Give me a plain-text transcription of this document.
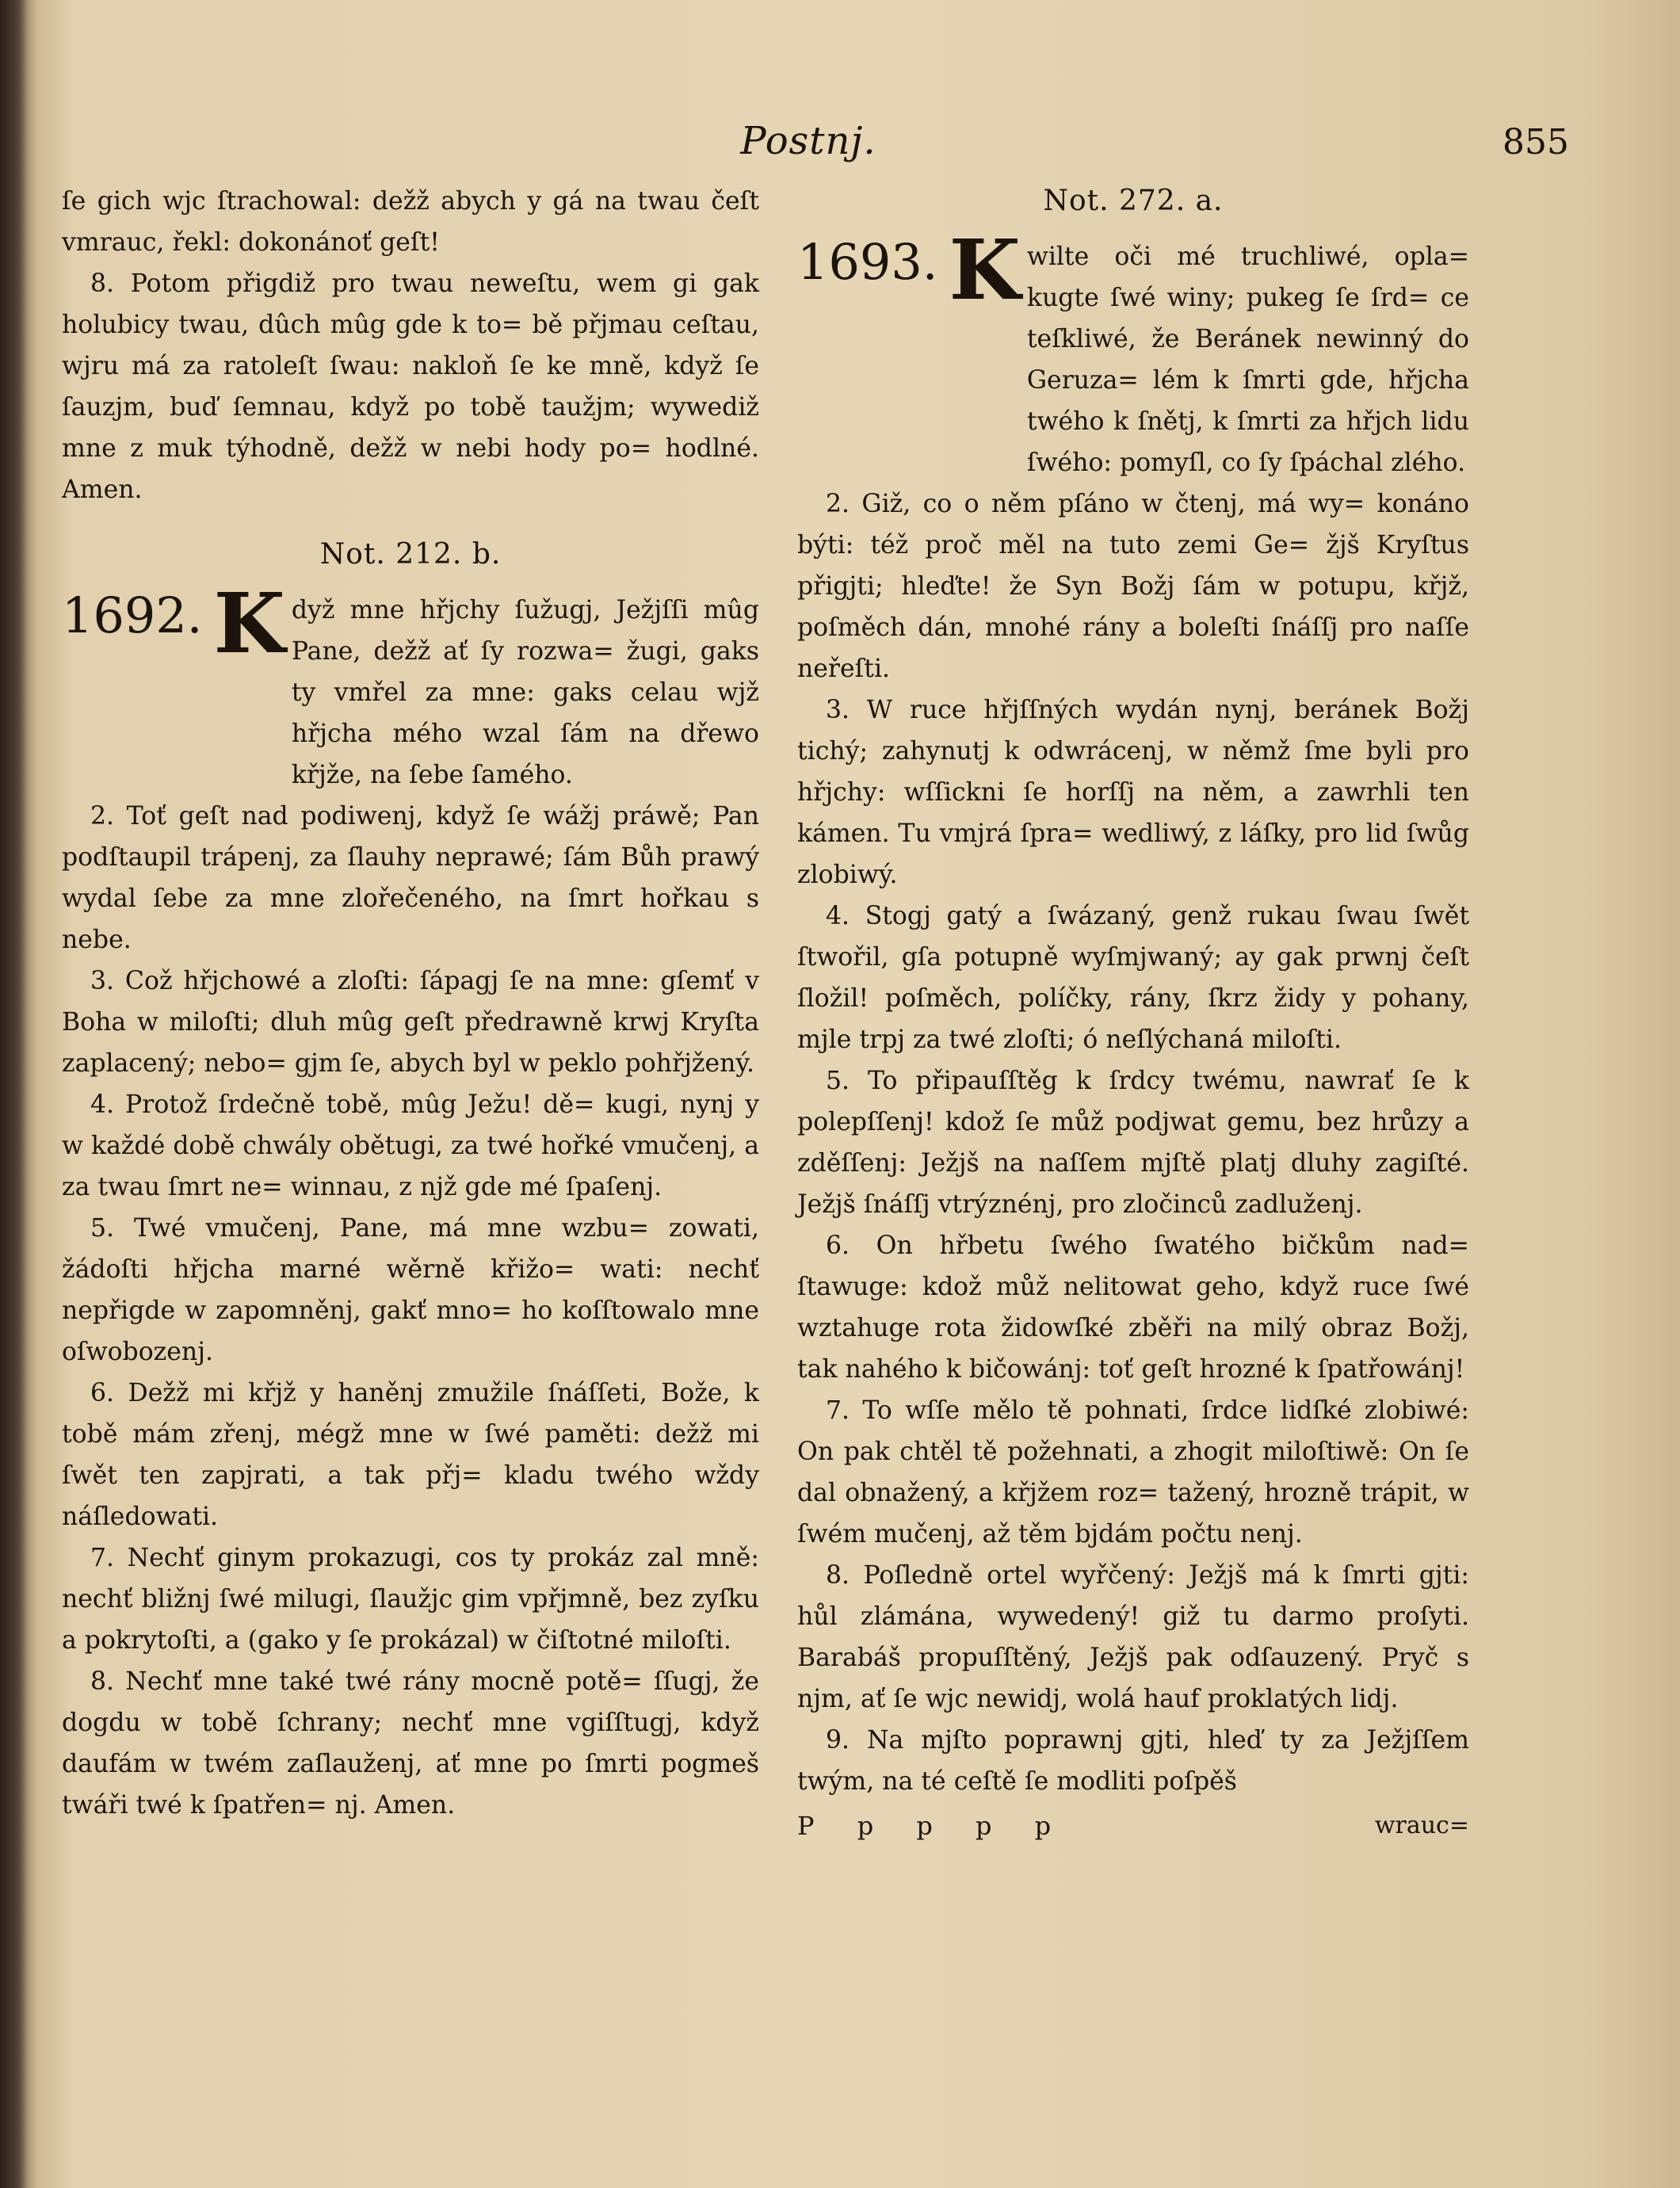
Postnj.	855

ſe gich wjc ſtrachowal: dežž abych y gá na twau čeſt vmrauc, řekl: dokonánoť geſt!

8. Potom přigdiž pro twau neweſtu, wem gi gak holubicy twau, dûch mûg gde k to= bě přjmau ceſtau, wjru má za ratoleſt ſwau: nakloň ſe ke mně, když ſe ſauzjm, buď ſemnau, když po tobě taužjm; wywediž mne z muk týhodně, dežž w nebi hody po= hodlné. Amen.

Not. 212. b.
1692. K dyž mne hřjchy ſužugj, Ježjſſi mûg Pane, dežž ať ſy rozwa= žugi, gaks ty vmřel za mne: gaks celau wjž hřjcha mého wzal ſám na dřewo křjže, na ſebe ſamého.

2. Toť geſt nad podiwenj, když ſe wážj práwě; Pan podſtaupil trápenj, za ſlauhy neprawé; ſám Bůh prawý wydal ſebe za mne zlořečeného, na ſmrt hořkau s nebe.

3. Což hřjchowé a zloſti: ſápagj ſe na mne: gſemť v Boha w miloſti; dluh mûg geſt předrawně krwj Kryſta zaplacený; nebo= gjm ſe, abych byl w peklo pohřjžený.

4. Protož ſrdečně tobě, mûg Ježu! dě= kugi, nynj y w každé době chwály obětugi, za twé hořké vmučenj, a za twau ſmrt ne= winnau, z njž gde mé ſpaſenj.

5. Twé vmučenj, Pane, má mne wzbu= zowati, žádoſti hřjcha marné wěrně křižo= wati: nechť nepřigde w zapomněnj, gakť mno= ho koſſtowalo mne oſwobozenj.

6. Dežž mi křjž y haněnj zmužile ſnáſſeti, Bože, k tobě mám zřenj, mégž mne w ſwé paměti: dežž mi ſwět ten zapjrati, a tak přj= kladu twého wždy náſledowati.

7. Nechť ginym prokazugi, cos ty prokáz zal mně: nechť bližnj ſwé milugi, ſlaužjc gim vpřjmně, bez zyſku a pokrytoſti, a (gako y ſe prokázal) w čiſtotné miloſti.

8. Nechť mne také twé rány mocně potě= ſſugj, že dogdu w tobě ſchrany; nechť mne vgiſſtugj, když daufám w twém zaſlauženj, ať mne po ſmrti pogmeš twáři twé k ſpatřen= nj. Amen.

Not. 272. a.
1693. K wilte oči mé truchliwé, opla= kugte ſwé winy; pukeg ſe ſrd= ce teſkliwé, že Beránek newinný do Geruza= lém k ſmrti gde, hřjcha twého k ſnětj, k ſmrti za hřjch lidu ſwého: pomyſl, co ſy ſpáchal zlého.

2. Giž, co o něm pſáno w čtenj, má wy= konáno býti: též proč měl na tuto zemi Ge= žjš Kryſtus přigjti; hleďte! že Syn Božj ſám w potupu, křjž, poſměch dán, mnohé rány a boleſti ſnáſſj pro naſſe neřeſti.

3. W ruce hřjſſných wydán nynj, beránek Božj tichý; zahynutj k odwrácenj, w němž ſme byli pro hřjchy: wſſickni ſe horſſj na něm, a zawrhli ten kámen. Tu vmjrá ſpra= wedliwý, z láſky, pro lid ſwůg zlobiwý.

4. Stogj gatý a ſwázaný, genž rukau ſwau ſwět ſtwořil, gſa potupně wyſmjwaný; ay gak prwnj čeſt ſložil! poſměch, políčky, rány, ſkrz židy y pohany, mjle trpj za twé zloſti; ó neſlýchaná miloſti.

5. To připauſſtěg k ſrdcy twému, nawrať ſe k polepſſenj! kdož ſe můž podjwat gemu, bez hrůzy a zděſſenj: Ježjš na naſſem mjſtě platj dluhy zagiſté. Ježjš ſnáſſj vtrýznénj, pro zločinců zadluženj.

6. On hřbetu ſwého ſwatého bičkům nad= ſtawuge: kdož můž nelitowat geho, když ruce ſwé wztahuge rota židowſké zběři na milý obraz Božj, tak nahého k bičowánj: toť geſt hrozné k ſpatřowánj!

7. To wſſe mělo tě pohnati, ſrdce lidſké zlobiwé: On pak chtěl tě požehnati, a zhogit miloſtiwě: On ſe dal obnažený, a křjžem roz= tažený, hrozně trápit, w ſwém mučenj, až těm bjdám počtu nenj.

8. Poſledně ortel wyřčený: Ježjš má k ſmrti gjti: hůl zlámána, wywedený! giž tu darmo proſyti. Barabáš propuſſtěný, Ježjš pak odſauzený. Pryč s njm, ať ſe wjc newidj, wolá hauf proklatých lidj.

9. Na mjſto poprawnj gjti, hleď ty za Ježjſſem twým, na té ceſtě ſe modliti poſpěš

P p p p p	wrauc=
